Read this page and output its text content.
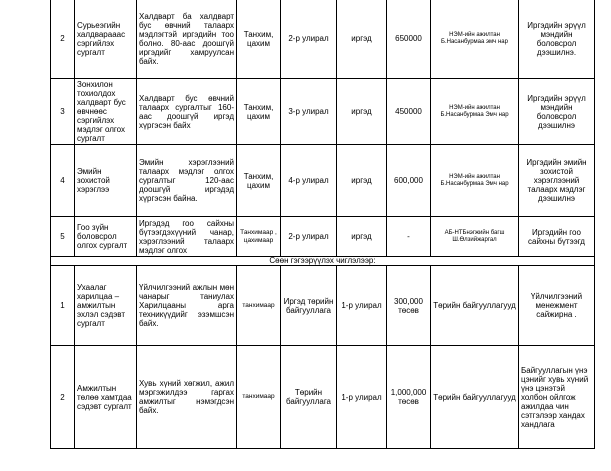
2	Сурьеэгийн халдварааас сэргийлэх сургалт	Халдварт ба халдварт бус өвчний талаарх мэдлэгтэй иргэдийн тоо болно. 80-аас доошгүй иргэдийг хамруулсан байх.	Танхим, цахим	2-р улирал	иргэд	650000	НЭМ-ийн ажилтан Б.Насанбурмаа эмч нар	Иргэдийн эрүүл мэндийн боловсрол дээшилнэ.
3	Зонхилон тохиолдох халдварт бус өвчнөөс сэргийлэх мэдлэг олгох сургалт	Халдварт бус өвчний талаарх сургалтыг 160-аас доошгүй иргэд хүргэсэн байх	Танхим, цахим	3-р улирал	иргэд	450000	НЭМ-ийн ажилтан Б.Насанбурмаа Эмч нар	Иргэдийн эрүүл мэндийн боловсрол дээшилнэ
4	Эмийн зохистой хэрэглээ	Эмийн хэрэглээний талаарх мэдлэг олгох сургалтыг 120-аас доошгүй иргэдэд хүргэсэн байна.	Танхим, цахим	4-р улирал	иргэд	600,000	НЭМ-ийн ажилтан Б.Насанбурмаа Эмч нар	Иргэдийн эмийн зохистой хэрэглээний талаарх мэдлэг дээшилнэ
5	Гоо зүйн боловсрол олгох сургалт	Иргэдэд гоо сайхны бүтээгдэхүүний чанар, хэрэглээний талаарх мэдлэг олгох	Танхимаар , цахимаар	2-р улирал	иргэд	-	АБ-НТБнэгжийн багш Ш.Өлзийжаргал	Иргэдийн гоо сайхны бүтээгд
Сөөн гэгээрүүлэх чиглэлээр:								
1	Ухаалаг харилцаа – амжилтын эхлэл сэдэвт сургалт	Үйлчилгээний ажлын мөн чанарыг таниулах Харилцааны арга техникүүдийг эзэмшсэн байх.	танхимаар	Иргэд төрийн байгууллага	1-р улирал	300,000 төсөв	Төрийн байгууллагууд	Үйлчилгээний менежмент сайжирна .
2	Амжилтын төлөө хамтдаа сэдэвт сургалт	Хувь хүний хөгжил, ажил мэргэжилдээ гаргах амжилтыг нэмэгдсэн байх.	танхимаар	Төрийн байгууллага	1-р улирал	1,000,000 төсөв	Төрийн байгууллагууд	Байгууллагын үнэ цэнийг хувь хүний үнэ цэнэтэй холбон ойлгож ажилдаа чин сэтгэлээр хандах хандлага
